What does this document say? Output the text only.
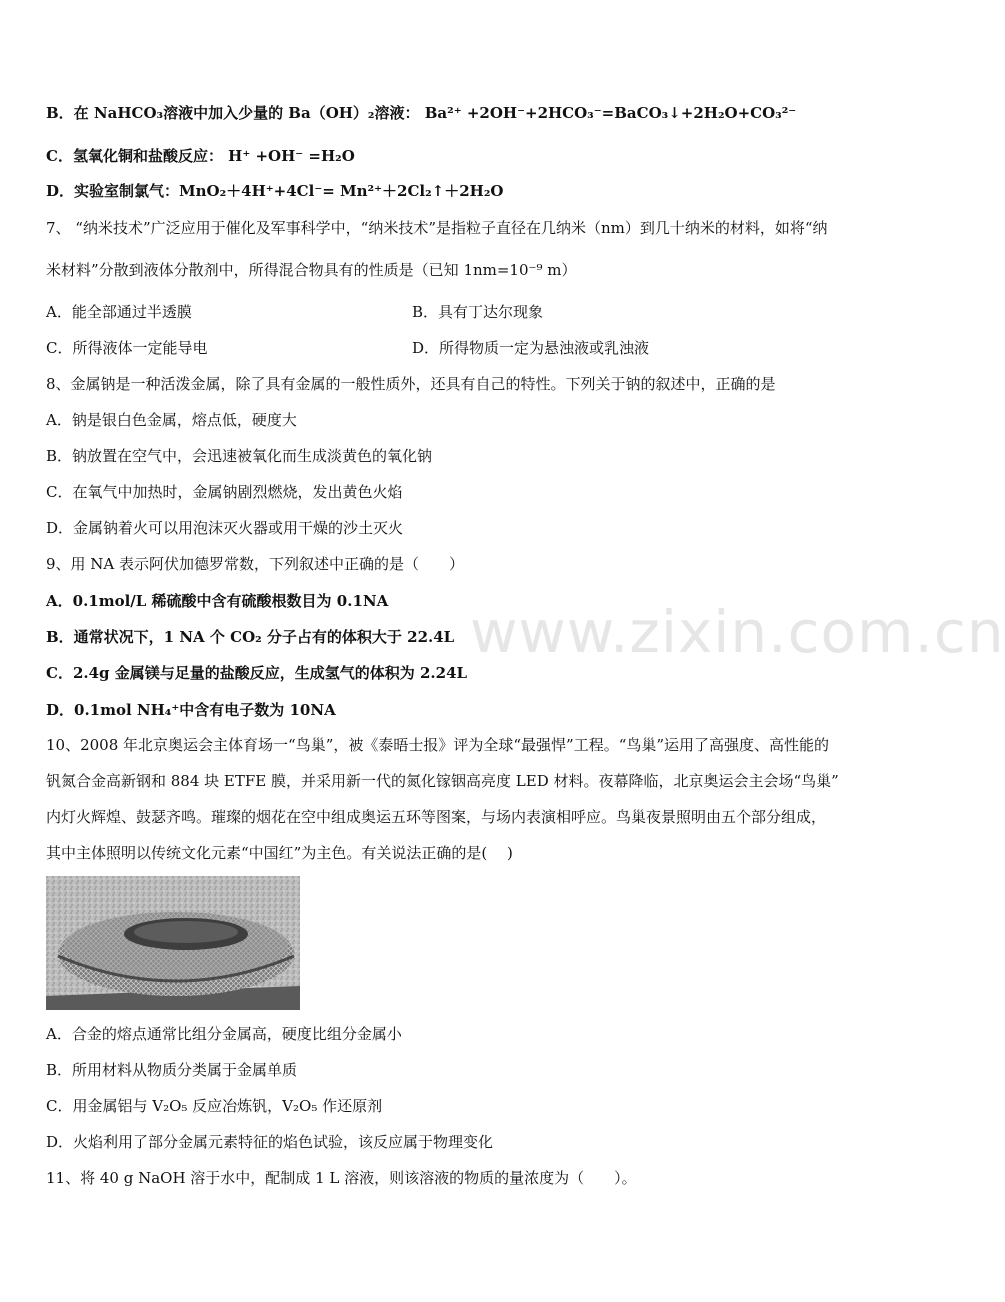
www.zixin.com.cn
B．在 NaHCO₃溶液中加入少量的 Ba（OH）₂溶液： Ba²⁺ +2OH⁻+2HCO₃⁻=BaCO₃↓+2H₂O+CO₃²⁻
C．氢氧化铜和盐酸反应： H⁺ +OH⁻ =H₂O
D．实验室制氯气：MnO₂＋4H⁺+4Cl⁻= Mn²⁺＋2Cl₂↑＋2H₂O
7、 “纳米技术”广泛应用于催化及军事科学中，“纳米技术”是指粒子直径在几纳米（nm）到几十纳米的材料，如将“纳
米材料”分散到液体分散剂中，所得混合物具有的性质是（已知 1nm=10⁻⁹ m）
A．能全部通过半透膜	B．具有丁达尔现象
C．所得液体一定能导电	D．所得物质一定为悬浊液或乳浊液
8、金属钠是一种活泼金属，除了具有金属的一般性质外，还具有自己的特性。下列关于钠的叙述中，正确的是
A．钠是银白色金属，熔点低，硬度大
B．钠放置在空气中，会迅速被氧化而生成淡黄色的氧化钠
C．在氧气中加热时，金属钠剧烈燃烧，发出黄色火焰
D．金属钠着火可以用泡沫灭火器或用干燥的沙土灭火
9、用 NA 表示阿伏加德罗常数，下列叙述中正确的是（　　）
A．0.1mol/L 稀硫酸中含有硫酸根数目为 0.1NA
B．通常状况下，1 NA 个 CO₂ 分子占有的体积大于 22.4L
C．2.4g 金属镁与足量的盐酸反应，生成氢气的体积为 2.24L
D．0.1mol NH₄⁺中含有电子数为 10NA
10、2008 年北京奥运会主体育场一“鸟巢”，被《泰晤士报》评为全球“最强悍”工程。“鸟巢”运用了高强度、高性能的
钒氮合金高新钢和 884 块 ETFE 膜，并采用新一代的氮化镓铟高亮度 LED 材料。夜幕降临，北京奥运会主会场“鸟巢”
内灯火辉煌、鼓瑟齐鸣。璀璨的烟花在空中组成奥运五环等图案，与场内表演相呼应。鸟巢夜景照明由五个部分组成，
其中主体照明以传统文化元素“中国红”为主色。有关说法正确的是(　 )
A．合金的熔点通常比组分金属高，硬度比组分金属小
B．所用材料从物质分类属于金属单质
C．用金属铝与 V₂O₅ 反应冶炼钒，V₂O₅ 作还原剂
D．火焰利用了部分金属元素特征的焰色试验，该反应属于物理变化
11、将 40 g NaOH 溶于水中，配制成 1 L 溶液，则该溶液的物质的量浓度为（　　）。
